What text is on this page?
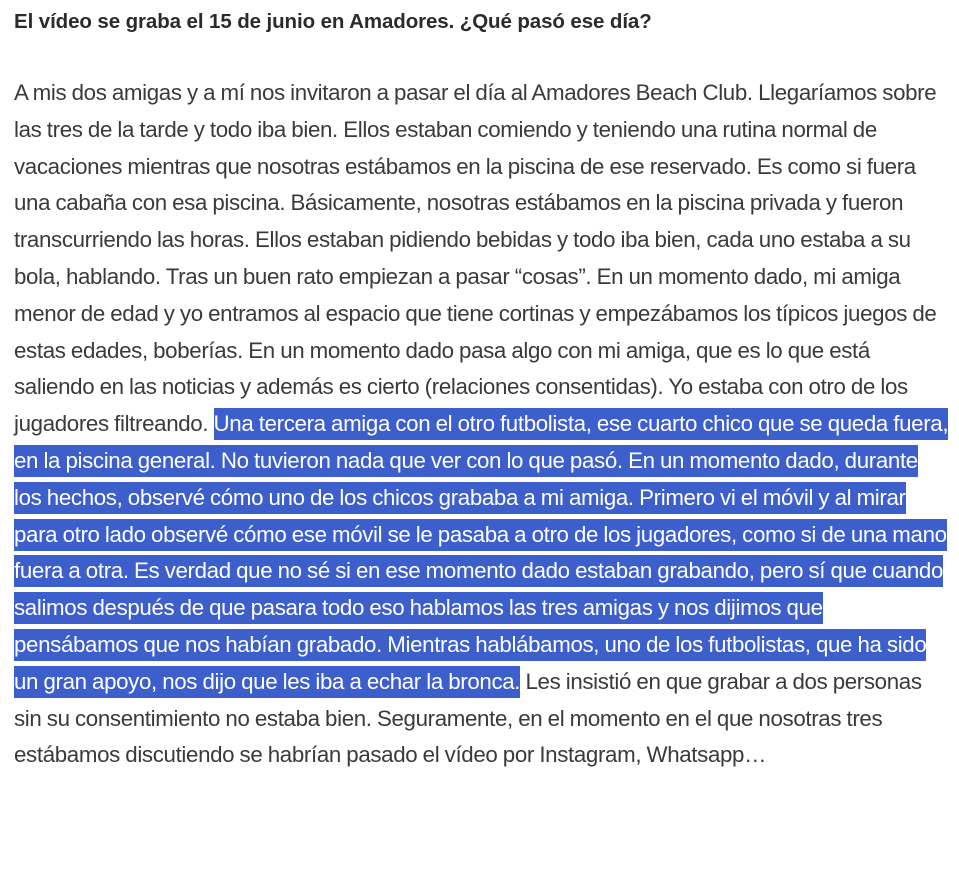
El vídeo se graba el 15 de junio en Amadores. ¿Qué pasó ese día?

A mis dos amigas y a mí nos invitaron a pasar el día al Amadores Beach Club. Llegaríamos sobre las tres de la tarde y todo iba bien. Ellos estaban comiendo y teniendo una rutina normal de vacaciones mientras que nosotras estábamos en la piscina de ese reservado. Es como si fuera una cabaña con esa piscina. Básicamente, nosotras estábamos en la piscina privada y fueron transcurriendo las horas. Ellos estaban pidiendo bebidas y todo iba bien, cada uno estaba a su bola, hablando. Tras un buen rato empiezan a pasar “cosas”. En un momento dado, mi amiga menor de edad y yo entramos al espacio que tiene cortinas y empezábamos los típicos juegos de estas edades, boberías. En un momento dado pasa algo con mi amiga, que es lo que está saliendo en las noticias y además es cierto (relaciones consentidas). Yo estaba con otro de los jugadores filtreando. Una tercera amiga con el otro futbolista, ese cuarto chico que se queda fuera, en la piscina general. No tuvieron nada que ver con lo que pasó. En un momento dado, durante los hechos, observé cómo uno de los chicos grababa a mi amiga. Primero vi el móvil y al mirar para otro lado observé cómo ese móvil se le pasaba a otro de los jugadores, como si de una mano fuera a otra. Es verdad que no sé si en ese momento dado estaban grabando, pero sí que cuando salimos después de que pasara todo eso hablamos las tres amigas y nos dijimos que pensábamos que nos habían grabado. Mientras hablábamos, uno de los futbolistas, que ha sido un gran apoyo, nos dijo que les iba a echar la bronca. Les insistió en que grabar a dos personas sin su consentimiento no estaba bien. Seguramente, en el momento en el que nosotras tres estábamos discutiendo se habrían pasado el vídeo por Instagram, Whatsapp…
